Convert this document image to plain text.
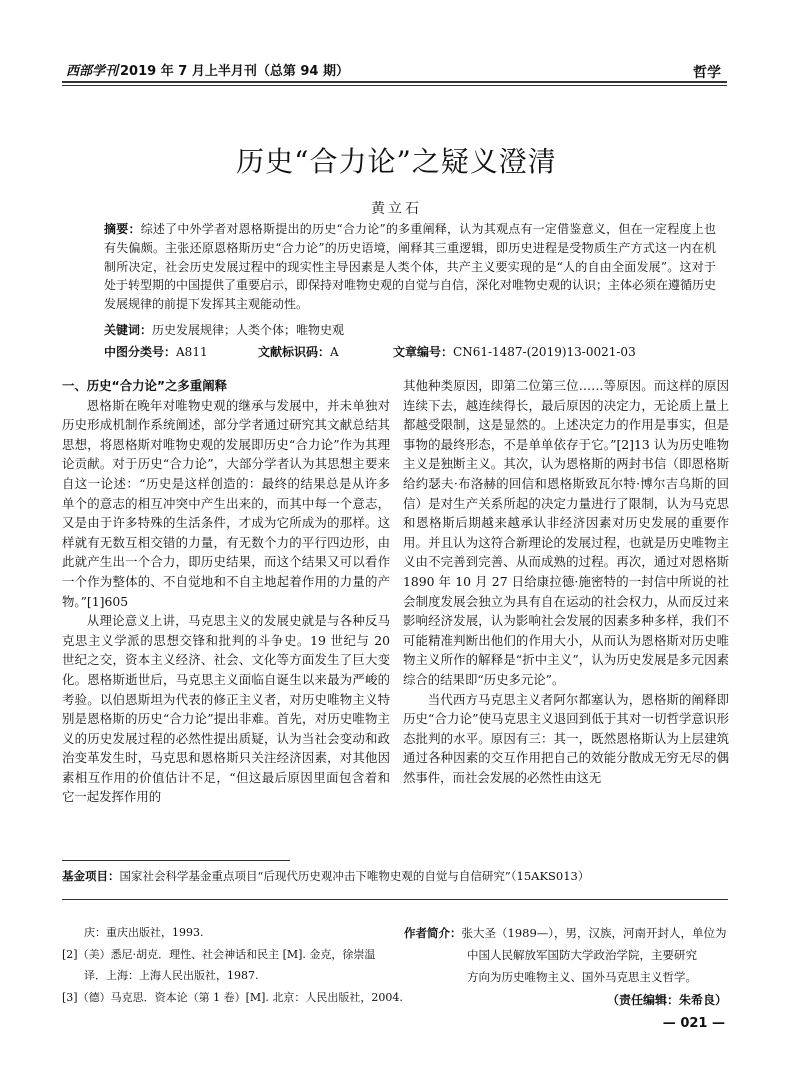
西部学刊 2019 年 7 月上半月刊（总第 94 期）	哲学
历史“合力论”之疑义澄清
黄立石
摘要：综述了中外学者对恩格斯提出的历史“合力论”的多重阐释，认为其观点有一定借鉴意义，但在一定程度上也有失偏颇。主张还原恩格斯历史“合力论”的历史语境，阐释其三重逻辑，即历史进程是受物质生产方式这一内在机制所决定，社会历史发展过程中的现实性主导因素是人类个体，共产主义要实现的是“人的自由全面发展”。这对于处于转型期的中国提供了重要启示，即保持对唯物史观的自觉与自信，深化对唯物史观的认识；主体必须在遵循历史发展规律的前提下发挥其主观能动性。
关键词：历史发展规律；人类个体；唯物史观
中图分类号：A811	文献标识码：A	文章编号：CN61-1487-(2019)13-0021-03

一、历史“合力论”之多重阐释

恩格斯在晚年对唯物史观的继承与发展中，并未单独对历史形成机制作系统阐述，部分学者通过研究其文献总结其思想，将恩格斯对唯物史观的发展即历史“合力论”作为其理论贡献。对于历史“合力论”，大部分学者认为其思想主要来自这一论述：“历史是这样创造的：最终的结果总是从许多单个的意志的相互冲突中产生出来的，而其中每一个意志，又是由于许多特殊的生活条件，才成为它所成为的那样。这样就有无数互相交错的力量，有无数个力的平行四边形，由此就产生出一个合力，即历史结果，而这个结果又可以看作一个作为整体的、不自觉地和不自主地起着作用的力量的产物。”[1]605

从理论意义上讲，马克思主义的发展史就是与各种反马克思主义学派的思想交锋和批判的斗争史。19 世纪与 20 世纪之交，资本主义经济、社会、文化等方面发生了巨大变化。恩格斯逝世后，马克思主义面临自诞生以来最为严峻的考验。以伯恩斯坦为代表的修正主义者，对历史唯物主义特别是恩格斯的历史“合力论”提出非难。首先，对历史唯物主义的历史发展过程的必然性提出质疑，认为当社会变动和政治变革发生时，马克思和恩格斯只关注经济因素，对其他因素相互作用的价值估计不足，“但这最后原因里面包含着和它一起发挥作用的

其他种类原因，即第二位第三位……等原因。而这样的原因连续下去，越连续得长，最后原因的决定力，无论质上量上都越受限制，这是显然的。上述决定力的作用是事实，但是事物的最终形态，不是单单依存于它。”[2]13 认为历史唯物主义是独断主义。其次，认为恩格斯的两封书信（即恩格斯给约瑟夫·布洛赫的回信和恩格斯致瓦尔特·博尔吉乌斯的回信）是对生产关系所起的决定力量进行了限制，认为马克思和恩格斯后期越来越承认非经济因素对历史发展的重要作用。并且认为这符合新理论的发展过程，也就是历史唯物主义由不完善到完善、从而成熟的过程。再次，通过对恩格斯 1890 年 10 月 27 日给康拉德·施密特的一封信中所说的社会制度发展会独立为具有自在运动的社会权力，从而反过来影响经济发展，认为影响社会发展的因素多种多样，我们不可能精准判断出他们的作用大小，从而认为恩格斯对历史唯物主义所作的解释是“折中主义”，认为历史发展是多元因素综合的结果即“历史多元论”。

当代西方马克思主义者阿尔都塞认为，恩格斯的阐释即历史“合力论”使马克思主义退回到低于其对一切哲学意识形态批判的水平。原因有三：其一，既然恩格斯认为上层建筑通过各种因素的交互作用把自己的效能分散成无穷无尽的偶然事件，而社会发展的必然性由这无

基金项目：国家社会科学基金重点项目“后现代历史观冲击下唯物史观的自觉与自信研究”（15AKS013）
庆：重庆出版社，1993.
[2]（美）悉尼·胡克．理性、社会神话和民主 [M]. 金克，徐崇温
译．上海：上海人民出版社，1987.
[3]（德）马克思．资本论（第 1 卷）[M]. 北京：人民出版社，2004.
作者简介：张大圣（1989—），男，汉族，河南开封人，单位为
中国人民解放军国防大学政治学院，主要研究
方向为历史唯物主义、国外马克思主义哲学。
（责任编辑：朱希良）
— 021 —
